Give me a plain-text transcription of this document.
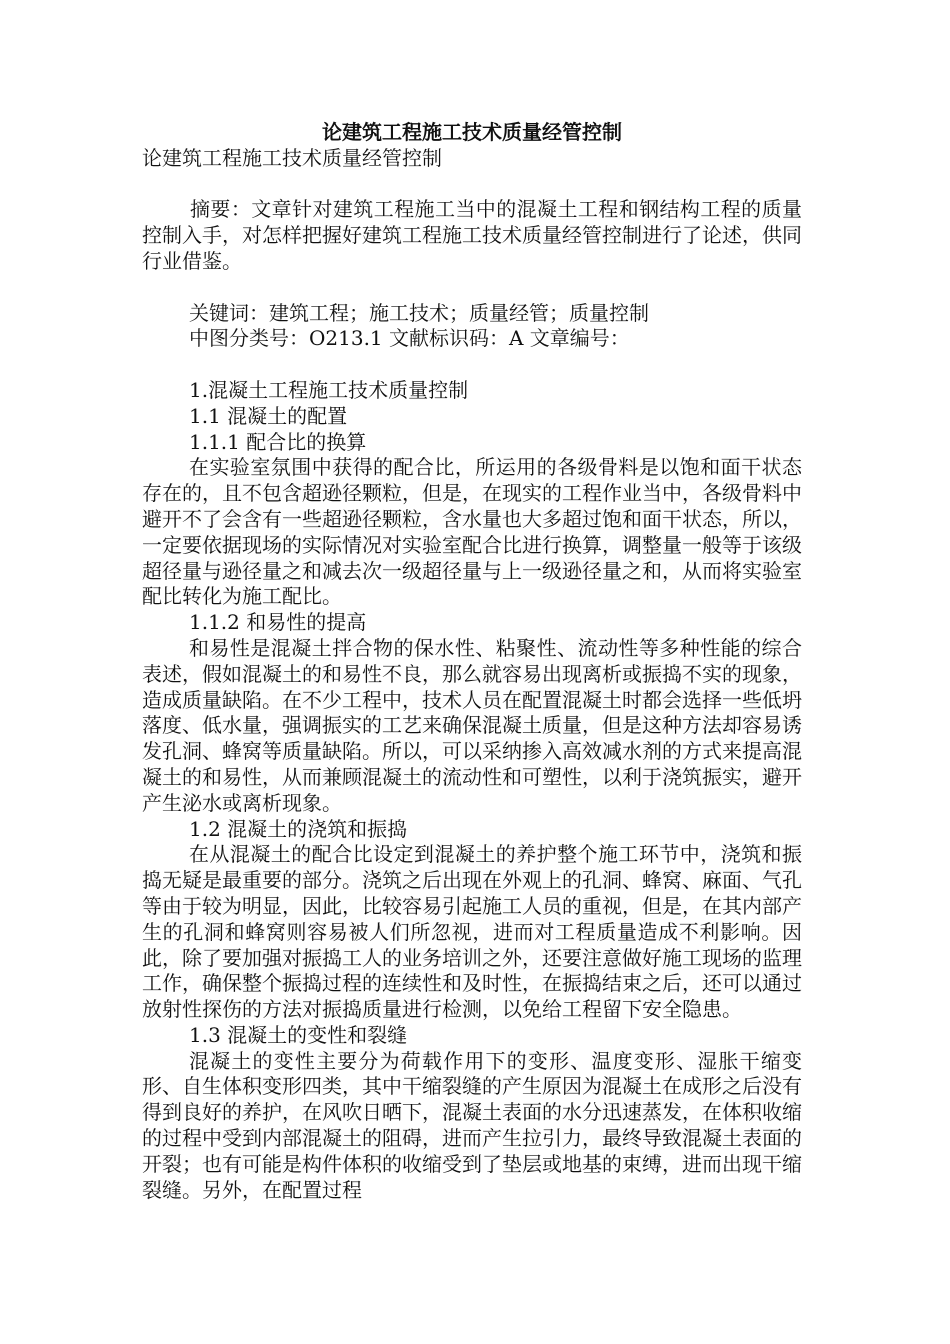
论建筑工程施工技术质量经管控制

论建筑工程施工技术质量经管控制

摘要：文章针对建筑工程施工当中的混凝土工程和钢结构工程的质量控制入手，对怎样把握好建筑工程施工技术质量经管控制进行了论述，供同行业借鉴。

关键词：建筑工程；施工技术；质量经管；质量控制

中图分类号：O213.1 文献标识码：A 文章编号：

1.混凝土工程施工技术质量控制

1.1 混凝土的配置

1.1.1 配合比的换算

在实验室氛围中获得的配合比，所运用的各级骨料是以饱和面干状态存在的，且不包含超逊径颗粒，但是，在现实的工程作业当中，各级骨料中避开不了会含有一些超逊径颗粒，含水量也大多超过饱和面干状态，所以，一定要依据现场的实际情况对实验室配合比进行换算，调整量一般等于该级超径量与逊径量之和减去次一级超径量与上一级逊径量之和，从而将实验室配比转化为施工配比。

1.1.2 和易性的提高

和易性是混凝土拌合物的保水性、粘聚性、流动性等多种性能的综合表述，假如混凝土的和易性不良，那么就容易出现离析或振捣不实的现象，造成质量缺陷。在不少工程中，技术人员在配置混凝土时都会选择一些低坍落度、低水量，强调振实的工艺来确保混凝土质量，但是这种方法却容易诱发孔洞、蜂窝等质量缺陷。所以，可以采纳掺入高效减水剂的方式来提高混凝土的和易性，从而兼顾混凝土的流动性和可塑性，以利于浇筑振实，避开产生泌水或离析现象。

1.2 混凝土的浇筑和振捣

在从混凝土的配合比设定到混凝土的养护整个施工环节中，浇筑和振捣无疑是最重要的部分。浇筑之后出现在外观上的孔洞、蜂窝、麻面、气孔等由于较为明显，因此，比较容易引起施工人员的重视，但是，在其内部产生的孔洞和蜂窝则容易被人们所忽视，进而对工程质量造成不利影响。因此，除了要加强对振捣工人的业务培训之外，还要注意做好施工现场的监理工作，确保整个振捣过程的连续性和及时性，在振捣结束之后，还可以通过放射性探伤的方法对振捣质量进行检测，以免给工程留下安全隐患。

1.3 混凝土的变性和裂缝

混凝土的变性主要分为荷载作用下的变形、温度变形、湿胀干缩变形、自生体积变形四类，其中干缩裂缝的产生原因为混凝土在成形之后没有得到良好的养护，在风吹日晒下，混凝土表面的水分迅速蒸发，在体积收缩的过程中受到内部混凝土的阻碍，进而产生拉引力，最终导致混凝土表面的开裂；也有可能是构件体积的收缩受到了垫层或地基的束缚，进而出现干缩裂缝。另外，在配置过程
